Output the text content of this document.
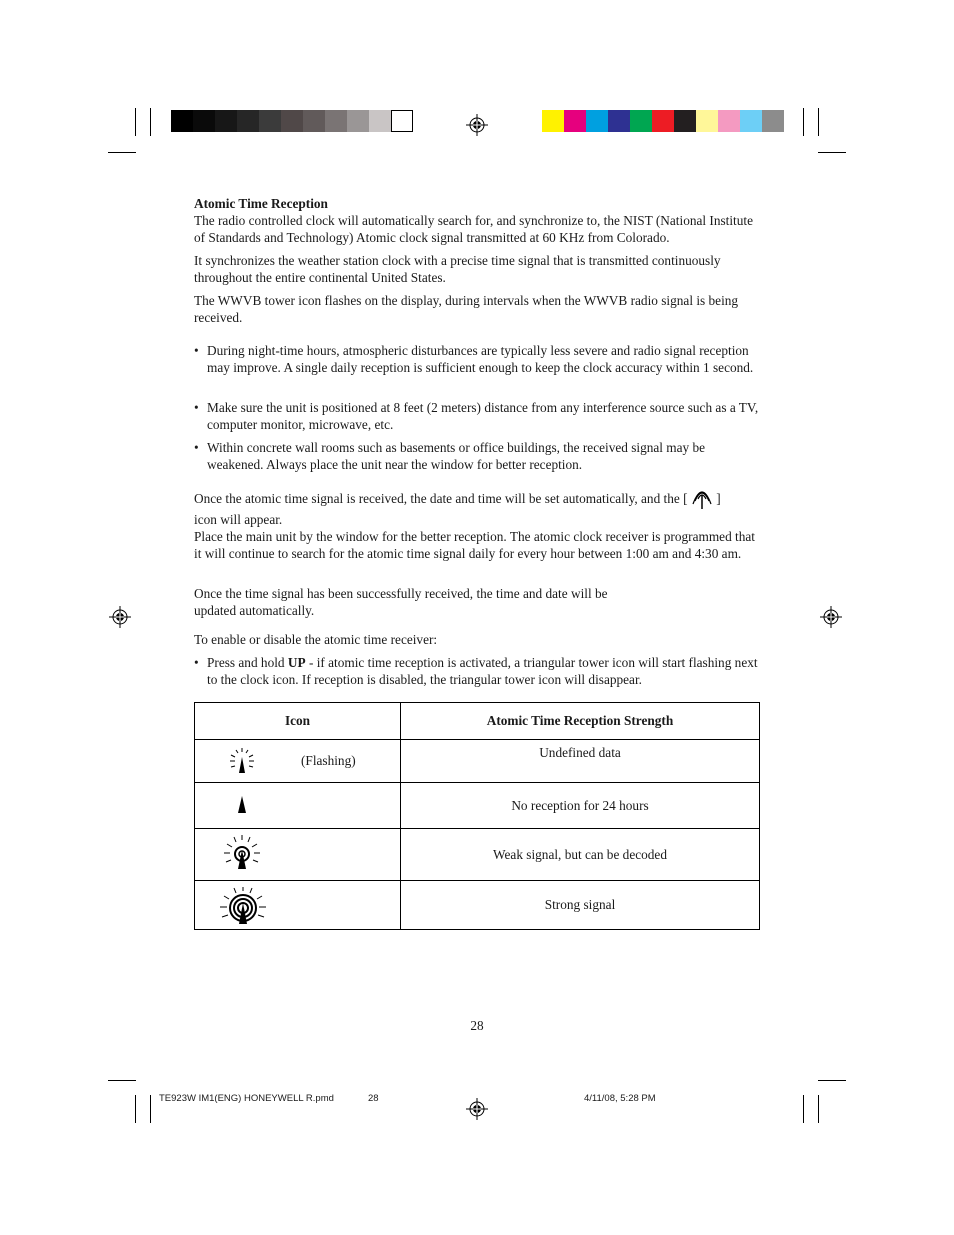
Atomic Time Reception

The radio controlled clock will automatically search for, and synchronize to, the NIST (National Institute of Standards and Technology) Atomic clock signal transmitted at 60 KHz from Colorado.

It synchronizes the weather station clock with a precise time signal that is transmitted continuously throughout the entire continental United States.

The WWVB tower icon flashes on the display, during intervals when the WWVB radio signal is being received.

• During night-time hours, atmospheric disturbances are typically less severe and radio signal reception may improve. A single daily reception is sufficient enough to keep the clock accuracy within 1 second.
• Make sure the unit is positioned at 8 feet (2 meters) distance from any interference source such as a TV, computer monitor, microwave, etc.
• Within concrete wall rooms such as basements or office buildings, the received signal may be weakened. Always place the unit near the window for better reception.
Once the atomic time signal is received, the date and time will be set automatically, and the [ ]
icon will appear.

Place the main unit by the window for the better reception. The atomic clock receiver is programmed that it will continue to search for the atomic time signal daily for every hour between 1:00 am and 4:30 am.

Once the time signal has been successfully received, the time and date will be

updated automatically.

To enable or disable the atomic time receiver:

• Press and hold UP - if atomic time reception is activated, a triangular tower icon will start flashing next to the clock icon. If reception is disabled, the triangular tower icon will disappear.
Icon	Atomic Time Reception Strength

(Flashing)	Undefined data

	No reception for 24 hours

	Weak signal, but can be decoded

	Strong signal
28
TE923W IM1(ENG) HONEYWELL R.pmd	28	4/11/08, 5:28 PM
